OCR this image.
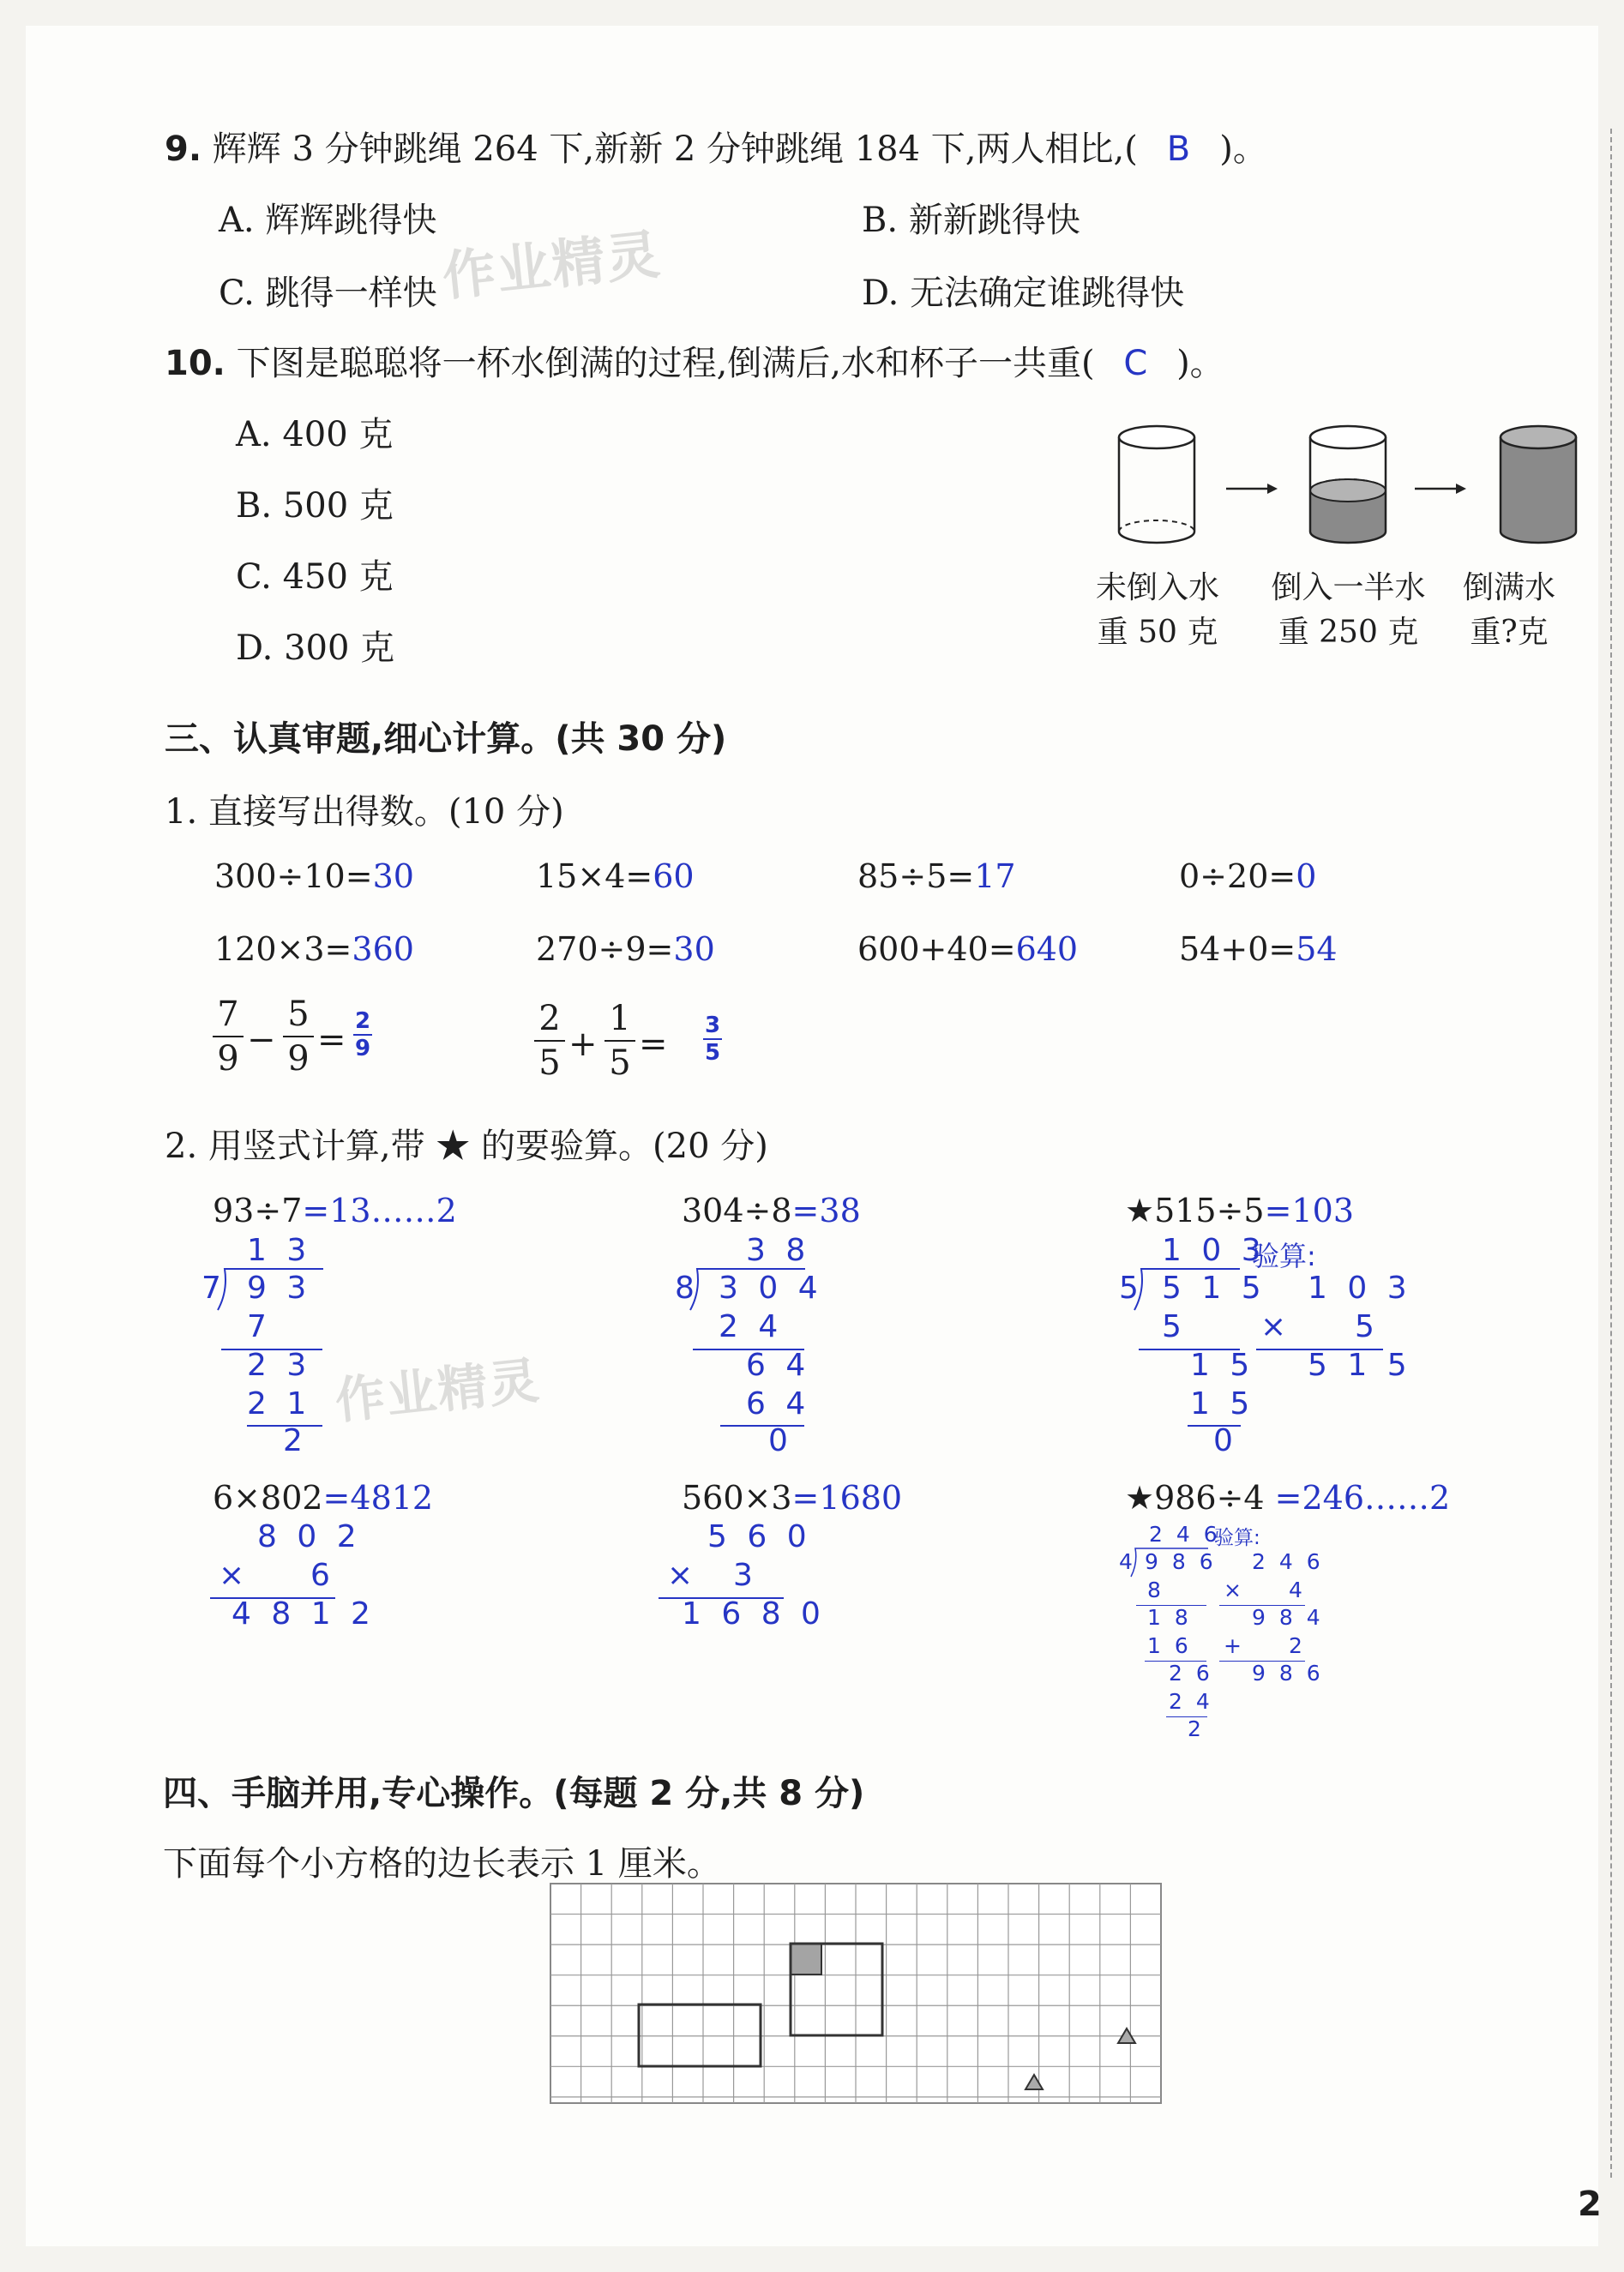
9. 辉辉 3 分钟跳绳 264 下,新新 2 分钟跳绳 184 下,两人相比,( B )。
A. 辉辉跳得快	B. 新新跳得快
C. 跳得一样快	D. 无法确定谁跳得快
作业精灵
10. 下图是聪聪将一杯水倒满的过程,倒满后,水和杯子一共重( C )。
A. 400 克
B. 500 克
C. 450 克
D. 300 克
未倒入水
重 50 克
倒入一半水
重 250 克
倒满水
重?克
三、认真审题,细心计算。(共 30 分)
1. 直接写出得数。(10 分)
300÷10=30	15×4=60	85÷5=17	0÷20=0
120×3=360	270÷9=30	600+40=640	54+0=54
7
9 −
5
9 = 2
9
2
5 +
1
5 = 3
5
2. 用竖式计算,带 ★ 的要验算。(20 分)
93÷7=13……2
1 3
7 9 3
7
2 3
2 1
2
作业精灵
304÷8=38
3 8
8 3 0 4
2 4
6 4
6 4
0
★515÷5=103
1 0 3
验算:
5 5 1 5
5
1 5
1 5
0
1 0 3
× 5
5 1 5
6×802=4812
8 0 2
× 6
4 8 1 2
560×3=1680
5 6 0
× 3
1 6 8 0
★986÷4 =246……2
2 4 6
验算:
4 9 8 6
8
1 8
1 6
2 6
2 4
2
2 4 6
× 4
9 8 4
+ 2
9 8 6
四、手脑并用,专心操作。(每题 2 分,共 8 分)
下面每个小方格的边长表示 1 厘米。
2
